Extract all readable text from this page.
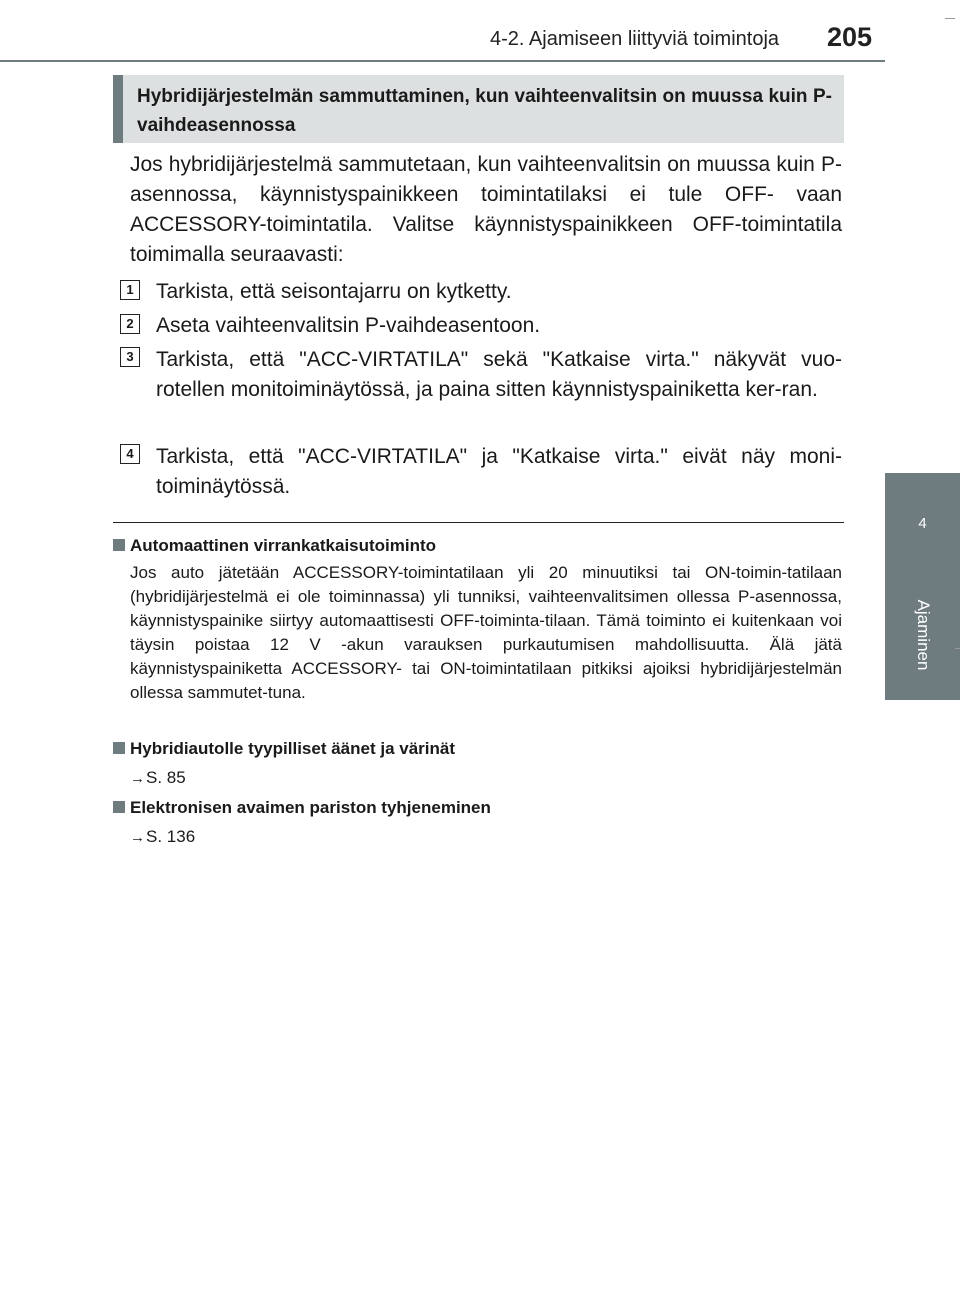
4-2. Ajamiseen liittyviä toimintoja 205
4
Ajaminen
Hybridijärjestelmän sammuttaminen, kun vaihteenvalitsin on muussa kuin P-vaihdeasennossa

Jos hybridijärjestelmä sammutetaan, kun vaihteenvalitsin on muussa kuin P-asennossa, käynnistyspainikkeen toimintatilaksi ei tule OFF- vaan ACCESSORY-toimintatila. Valitse käynnistyspainikkeen OFF-toimintatila toimimalla seuraavasti:

1	Tarkista, että seisontajarru on kytketty.

2	Aseta vaihteenvalitsin P-vaihdeasentoon.

3	Tarkista, että "ACC-VIRTATILA" sekä "Katkaise virta." näkyvät vuo-rotellen monitoiminäytössä, ja paina sitten käynnistyspainiketta ker-ran.

4	Tarkista, että "ACC-VIRTATILA" ja "Katkaise virta." eivät näy moni-toiminäytössä.

Automaattinen virrankatkaisutoiminto

Jos auto jätetään ACCESSORY-toimintatilaan yli 20 minuutiksi tai ON-toimin-tatilaan (hybridijärjestelmä ei ole toiminnassa) yli tunniksi, vaihteenvalitsimen ollessa P-asennossa, käynnistyspainike siirtyy automaattisesti OFF-toiminta-tilaan. Tämä toiminto ei kuitenkaan voi täysin poistaa 12 V -akun varauksen purkautumisen mahdollisuutta. Älä jätä käynnistyspainiketta ACCESSORY- tai ON-toimintatilaan pitkiksi ajoiksi hybridijärjestelmän ollessa sammutet-tuna.

Hybridiautolle tyypilliset äänet ja värinät
→S. 85
Elektronisen avaimen pariston tyhjeneminen
→S. 136
